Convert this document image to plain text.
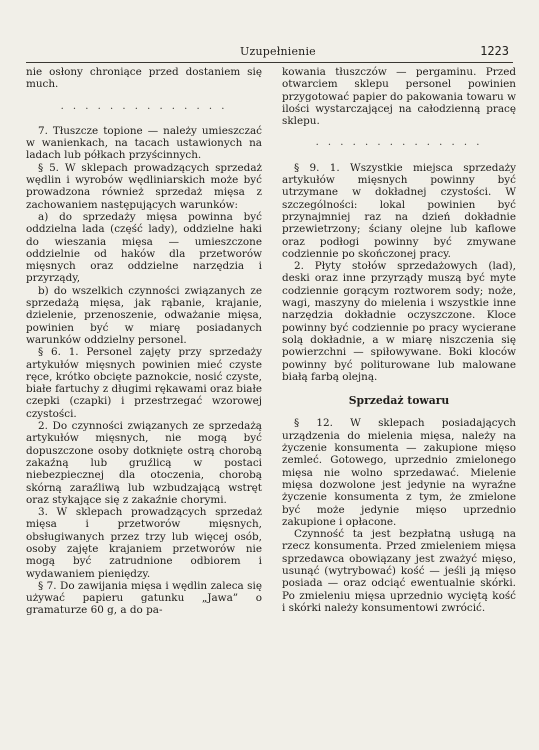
Uzupełnienie	1223

nie osłony chroniące przed dostaniem się much.

. . . . . . . . . . . . . .

7. Tłuszcze topione — należy umieszczać w wanienkach, na tacach ustawionych na ladach lub półkach przyścinnych.

§ 5. W sklepach prowadzących sprzedaż wędlin i wyrobów wędliniarskich może być prowadzona również sprzedaż mięsa z zachowaniem następujących warunków:

a) do sprzedaży mięsa powinna być oddzielna lada (część lady), oddzielne haki do wieszania mięsa — umieszczone oddzielnie od haków dla przetworów mięsnych oraz oddzielne narzędzia i przyrządy,

b) do wszelkich czynności związanych ze sprzedażą mięsa, jak rąbanie, krajanie, dzielenie, przenoszenie, odważanie mięsa, powinien być w miarę posiadanych warunków oddzielny personel.

§ 6. 1. Personel zajęty przy sprzedaży artykułów mięsnych powinien mieć czyste ręce, krótko obcięte paznokcie, nosić czyste, białe fartuchy z długimi rękawami oraz białe czepki (czapki) i przestrzegać wzorowej czystości.

2. Do czynności związanych ze sprzedażą artykułów mięsnych, nie mogą być dopuszczone osoby dotknięte ostrą chorobą zakaźną lub gruźlicą w postaci niebezpiecznej dla otoczenia, chorobą skórną zaraźliwą lub wzbudzającą wstręt oraz stykające się z zakaźnie chorymi.

3. W sklepach prowadzących sprzedaż mięsa i przetworów mięsnych, obsługiwanych przez trzy lub więcej osób, osoby zajęte krajaniem przetworów nie mogą być zatrudnione odbiorem i wydawaniem pieniędzy.

§ 7. Do zawijania mięsa i wędlin zaleca się używać papieru gatunku „Jawa” o gramaturze 60 g, a do pa-

kowania tłuszczów — pergaminu. Przed otwarciem sklepu personel powinien przygotować papier do pakowania towaru w ilości wystarczającej na całodzienną pracę sklepu.

. . . . . . . . . . . . . .

§ 9. 1. Wszystkie miejsca sprzedaży artykułów mięsnych powinny być utrzymane w dokładnej czystości. W szczególności: lokal powinien być przynajmniej raz na dzień dokładnie przewietrzony; ściany olejne lub kaflowe oraz podłogi powinny być zmywane codziennie po skończonej pracy.

2. Płyty stołów sprzedażowych (lad), deski oraz inne przyrządy muszą być myte codziennie gorącym roztworem sody; noże, wagi, maszyny do mielenia i wszystkie inne narzędzia dokładnie oczyszczone. Kloce powinny być codziennie po pracy wycierane solą dokładnie, a w miarę niszczenia się powierzchni — spiłowywane. Boki kloców powinny być politurowane lub malowane białą farbą olejną.

Sprzedaż towaru

§ 12. W sklepach posiadających urządzenia do mielenia mięsa, należy na życzenie konsumenta — zakupione mięso zemleć. Gotowego, uprzednio zmielonego mięsa nie wolno sprzedawać. Mielenie mięsa dozwolone jest jedynie na wyraźne życzenie konsumenta z tym, że zmielone być może jedynie mięso uprzednio zakupione i opłacone.

Czynność ta jest bezpłatną usługą na rzecz konsumenta. Przed zmieleniem mięsa sprzedawca obowiązany jest zważyć mięso, usunąć (wytrybować) kość — jeśli ją mięso posiada — oraz odciąć ewentualnie skórki. Po zmieleniu mięsa uprzednio wyciętą kość i skórki należy konsumentowi zwrócić.
